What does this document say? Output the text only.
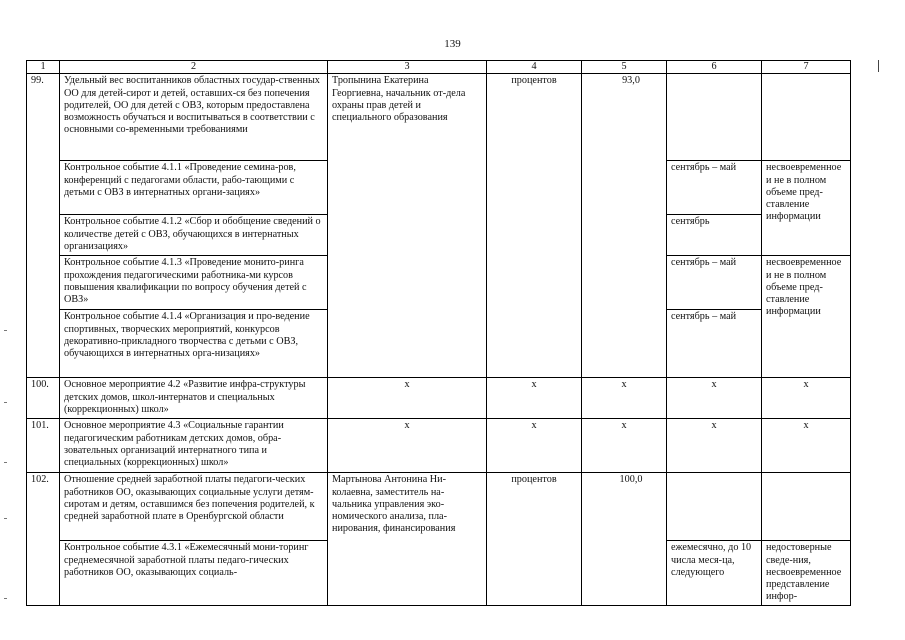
139
1	2	3	4	5	6	7
99.	Удельный вес воспитанников областных государ-ственных ОО для детей-сирот и детей, оставших-ся без попечения родителей, ОО для детей с ОВЗ, которым предоставлена возможность обучаться и воспитываться в соответствии с основными со-временными требованиями	Тропынина Екатерина Георгиевна, начальник от-дела охраны прав детей и специального образования	процентов	93,0		
	Контрольное событие 4.1.1 «Проведение семина-ров, конференций с педагогами области, рабо-тающими с детьми с ОВЗ в интернатных органи-зациях»				сентябрь – май	несвоевременное и не в полном объеме пред-ставление информации
	Контрольное событие 4.1.2 «Сбор и обобщение сведений о количестве детей с ОВЗ, обучающихся в интернатных организациях»				сентябрь	
	Контрольное событие 4.1.3 «Проведение монито-ринга прохождения педагогическими работника-ми курсов повышения квалификации по вопросу обучения детей с ОВЗ»				сентябрь – май	несвоевременное и не в полном объеме пред-ставление информации
	Контрольное событие 4.1.4 «Организация и про-ведение спортивных, творческих мероприятий, конкурсов декоративно-прикладного творчества с детьми с ОВЗ, обучающихся в интернатных орга-низациях»				сентябрь – май	
100.	Основное мероприятие 4.2 «Развитие инфра-структуры детских домов, школ-интернатов и специальных (коррекционных) школ»	х	х	х	х	х
101.	Основное мероприятие 4.3 «Социальные гарантии педагогическим работникам детских домов, обра-зовательных организаций интернатного типа и специальных (коррекционных) школ»	х	х	х	х	х
102.	Отношение средней заработной платы педагоги-ческих работников ОО, оказывающих социальные услуги детям-сиротам и детям, оставшимся без попечения родителей, к средней заработной плате в Оренбургской области	Мартынова Антонина Ни-колаевна, заместитель на-чальника управления эко-номического анализа, пла-нирования, финансирования	процентов	100,0		
	Контрольное событие 4.3.1 «Ежемесячный мони-торинг среднемесячной заработной платы педаго-гических работников ОО, оказывающих социаль-				ежемесячно, до 10 числа меся-ца, следующего	недостоверные сведе-ния, несвоевременное представление инфор-
